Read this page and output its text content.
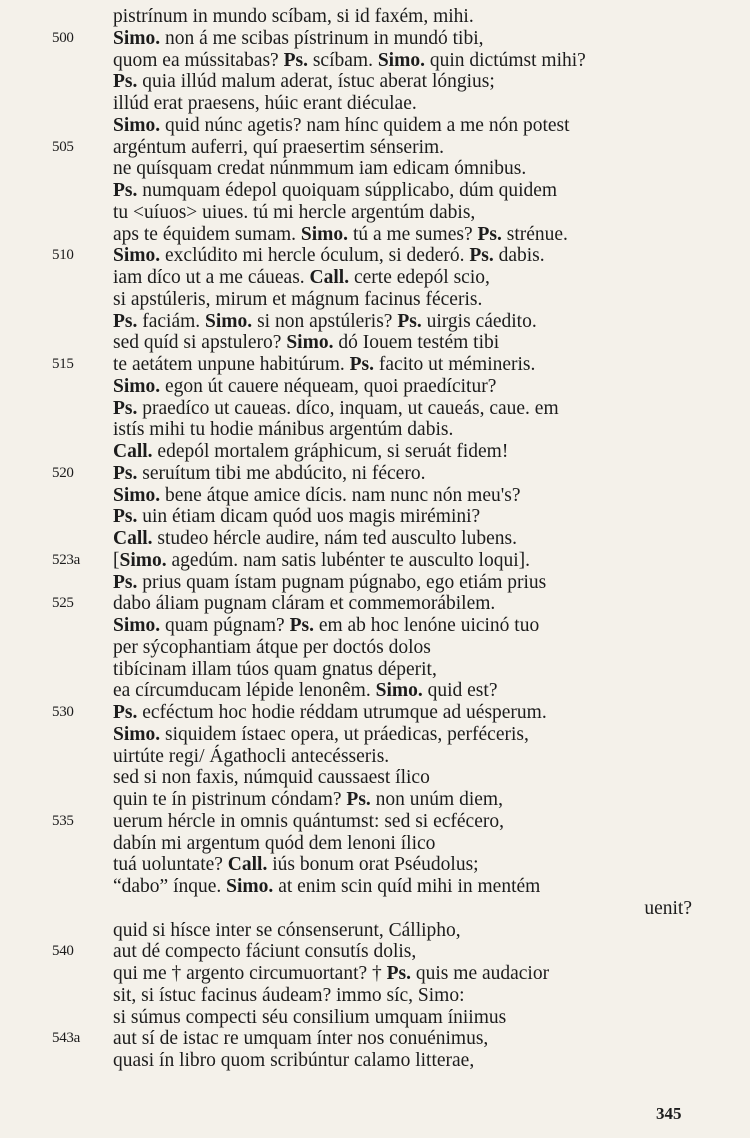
pistrínum in mundo scíbam, si id faxém, mihi.
500	Simo. non á me scibas pístrinum in mundó tibi,
quom ea mússitabas? Ps. scíbam. Simo. quin dictúmst mihi?
Ps. quia illúd malum aderat, ístuc aberat lóngius;
illúd erat praesens, húic erant diéculae.
Simo. quid núnc agetis? nam hínc quidem a me nón potest
505	argéntum auferri, quí praesertim sénserim.
ne quísquam credat núnmmum iam edicam ómnibus.
Ps. numquam édepol quoiquam súpplicabo, dúm quidem
tu <uíuos> uiues. tú mi hercle argentúm dabis,
aps te équidem sumam. Simo. tú a me sumes? Ps. strénue.
510	Simo. exclúdito mi hercle óculum, si dederó. Ps. dabis.
iam díco ut a me cáueas. Call. certe edepól scio,
si apstúleris, mirum et mágnum facinus féceris.
Ps. faciám. Simo. si non apstúleris? Ps. uirgis cáedito.
sed quíd si apstulero? Simo. dó Iouem testém tibi
515	te aetátem unpune habitúrum. Ps. facito ut mémineris.
Simo. egon út cauere néqueam, quoi praedícitur?
Ps. praedíco ut caueas. díco, inquam, ut caueás, caue. em
istís mihi tu hodie mánibus argentúm dabis.
Call. edepól mortalem gráphicum, si seruát fidem!
520	Ps. seruítum tibi me abdúcito, ni fécero.
Simo. bene átque amice dícis. nam nunc nón meu's?
Ps. uin étiam dicam quód uos magis miréminі?
Call. studeo hércle audire, nám ted ausculto lubens.
523a	[Simo. agedúm. nam satis lubénter te ausculto loqui].
Ps. prius quam ístam pugnam púgnabo, ego etiám prius
525	dabo áliam pugnam cláram et commemorábilem.
Simo. quam púgnam? Ps. em ab hoc lenóne uicinó tuo
per sýcophantiam átque per doctós dolos
tibícinam illam túos quam gnatus déperit,
ea círcumducam lépide lenonêm. Simo. quid est?
530	Ps. ecféctum hoc hodie réddam utrumque ad uésperum.
Simo. siquidem ístaec opera, ut práedicas, perféceris,
uirtúte regi/ Ágathocli antecésseris.
sed si non faxis, númquid caussaest ílico
quin te ín pistrinum cóndam? Ps. non unúm diem,
535	uerum hércle in omnis quántumst: sed si ecfécero,
dabín mi argentum quód dem lenoni ílico
tuá uoluntate? Call. iús bonum orat Pséudolus;
“dabo” ínque. Simo. at enim scin quíd mihi in mentém
uenit?
quid si hísce inter se cónsenserunt, Cállipho,
540	aut dé compecto fáciunt consutís dolis,
qui me † argento circumuortant? † Ps. quis me audacior
sit, si ístuc facinus áudeam? immo síc, Simo:
si súmus compecti séu consilium umquam íniimus
543a	aut sí de istac re umquam ínter nos conuénimus,
quasi ín libro quom scribúntur calamo litterae,
345
